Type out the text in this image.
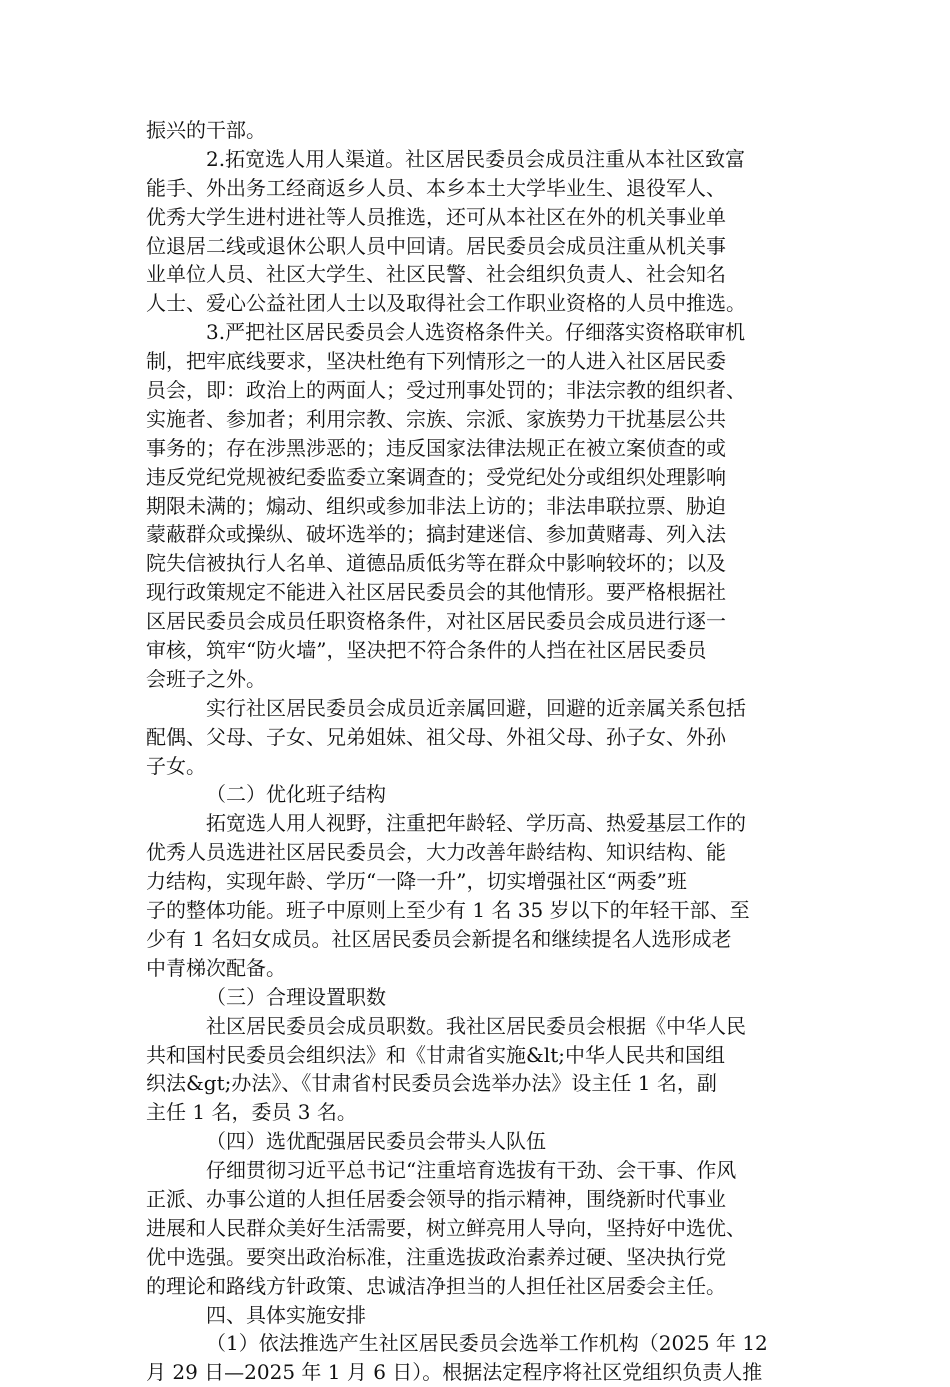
振兴的干部。
2.拓宽选人用人渠道。社区居民委员会成员注重从本社区致富
能手、外出务工经商返乡人员、本乡本土大学毕业生、退役军人、
优秀大学生进村进社等人员推选，还可从本社区在外的机关事业单
位退居二线或退休公职人员中回请。居民委员会成员注重从机关事
业单位人员、社区大学生、社区民警、社会组织负责人、社会知名
人士、爱心公益社团人士以及取得社会工作职业资格的人员中推选。
3.严把社区居民委员会人选资格条件关。仔细落实资格联审机
制，把牢底线要求，坚决杜绝有下列情形之一的人进入社区居民委
员会，即：政治上的两面人；受过刑事处罚的；非法宗教的组织者、
实施者、参加者；利用宗教、宗族、宗派、家族势力干扰基层公共
事务的；存在涉黑涉恶的；违反国家法律法规正在被立案侦查的或
违反党纪党规被纪委监委立案调查的；受党纪处分或组织处理影响
期限未满的；煽动、组织或参加非法上访的；非法串联拉票、胁迫
蒙蔽群众或操纵、破坏选举的；搞封建迷信、参加黄赌毒、列入法
院失信被执行人名单、道德品质低劣等在群众中影响较坏的；以及
现行政策规定不能进入社区居民委员会的其他情形。要严格根据社
区居民委员会成员任职资格条件，对社区居民委员会成员进行逐一
审核，筑牢“防火墙”，坚决把不符合条件的人挡在社区居民委员
会班子之外。
实行社区居民委员会成员近亲属回避，回避的近亲属关系包括
配偶、父母、子女、兄弟姐妹、祖父母、外祖父母、孙子女、外孙
子女。
（二）优化班子结构
拓宽选人用人视野，注重把年龄轻、学历高、热爱基层工作的
优秀人员选进社区居民委员会，大力改善年龄结构、知识结构、能
力结构，实现年龄、学历“一降一升”，切实增强社区“两委”班
子的整体功能。班子中原则上至少有 1 名 35 岁以下的年轻干部、至
少有 1 名妇女成员。社区居民委员会新提名和继续提名人选形成老
中青梯次配备。
（三）合理设置职数
社区居民委员会成员职数。我社区居民委员会根据《中华人民
共和国村民委员会组织法》和《甘肃省实施&lt;中华人民共和国组
织法&gt;办法》、《甘肃省村民委员会选举办法》设主任 1 名，副
主任 1 名，委员 3 名。
（四）选优配强居民委员会带头人队伍
仔细贯彻习近平总书记“注重培育选拔有干劲、会干事、作风
正派、办事公道的人担任居委会领导的指示精神，围绕新时代事业
进展和人民群众美好生活需要，树立鲜亮用人导向，坚持好中选优、
优中选强。要突出政治标准，注重选拔政治素养过硬、坚决执行党
的理论和路线方针政策、忠诚洁净担当的人担任社区居委会主任。
四、具体实施安排
（1）依法推选产生社区居民委员会选举工作机构（2025 年 12
月 29 日—2025 年 1 月 6 日）。根据法定程序将社区党组织负责人推
